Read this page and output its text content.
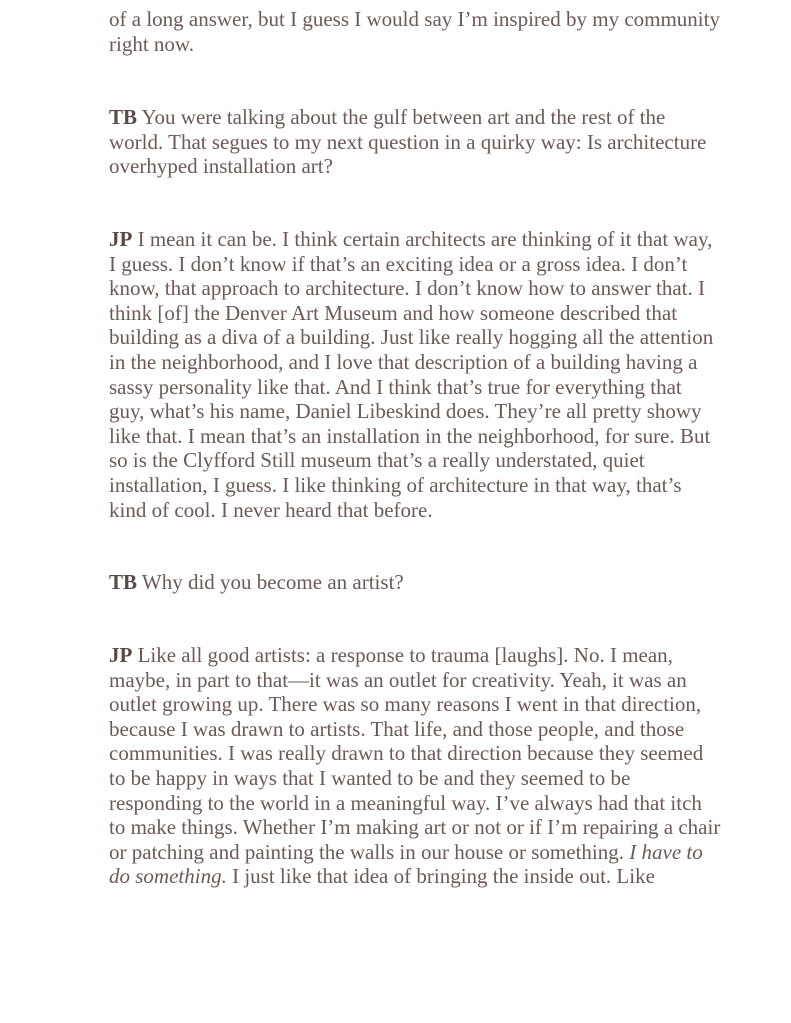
of a long answer, but I guess I would say I’m inspired by my community
right now.

TB You were talking about the gulf between art and the rest of the
world. That segues to my next question in a quirky way: Is architecture
overhyped installation art?

JP I mean it can be. I think certain architects are thinking of it that way,
I guess. I don’t know if that’s an exciting idea or a gross idea. I don’t
know, that approach to architecture. I don’t know how to answer that. I
think [of] the Denver Art Museum and how someone described that
building as a diva of a building. Just like really hogging all the attention
in the neighborhood, and I love that description of a building having a
sassy personality like that. And I think that’s true for everything that
guy, what’s his name, Daniel Libeskind does. They’re all pretty showy
like that. I mean that’s an installation in the neighborhood, for sure. But
so is the Clyfford Still museum that’s a really understated, quiet
installation, I guess. I like thinking of architecture in that way, that’s
kind of cool. I never heard that before.

TB Why did you become an artist?

JP Like all good artists: a response to trauma [laughs]. No. I mean,
maybe, in part to that—it was an outlet for creativity. Yeah, it was an
outlet growing up. There was so many reasons I went in that direction,
because I was drawn to artists. That life, and those people, and those
communities. I was really drawn to that direction because they seemed
to be happy in ways that I wanted to be and they seemed to be
responding to the world in a meaningful way. I’ve always had that itch
to make things. Whether I’m making art or not or if I’m repairing a chair
or patching and painting the walls in our house or something. I have to
do something. I just like that idea of bringing the inside out. Like
